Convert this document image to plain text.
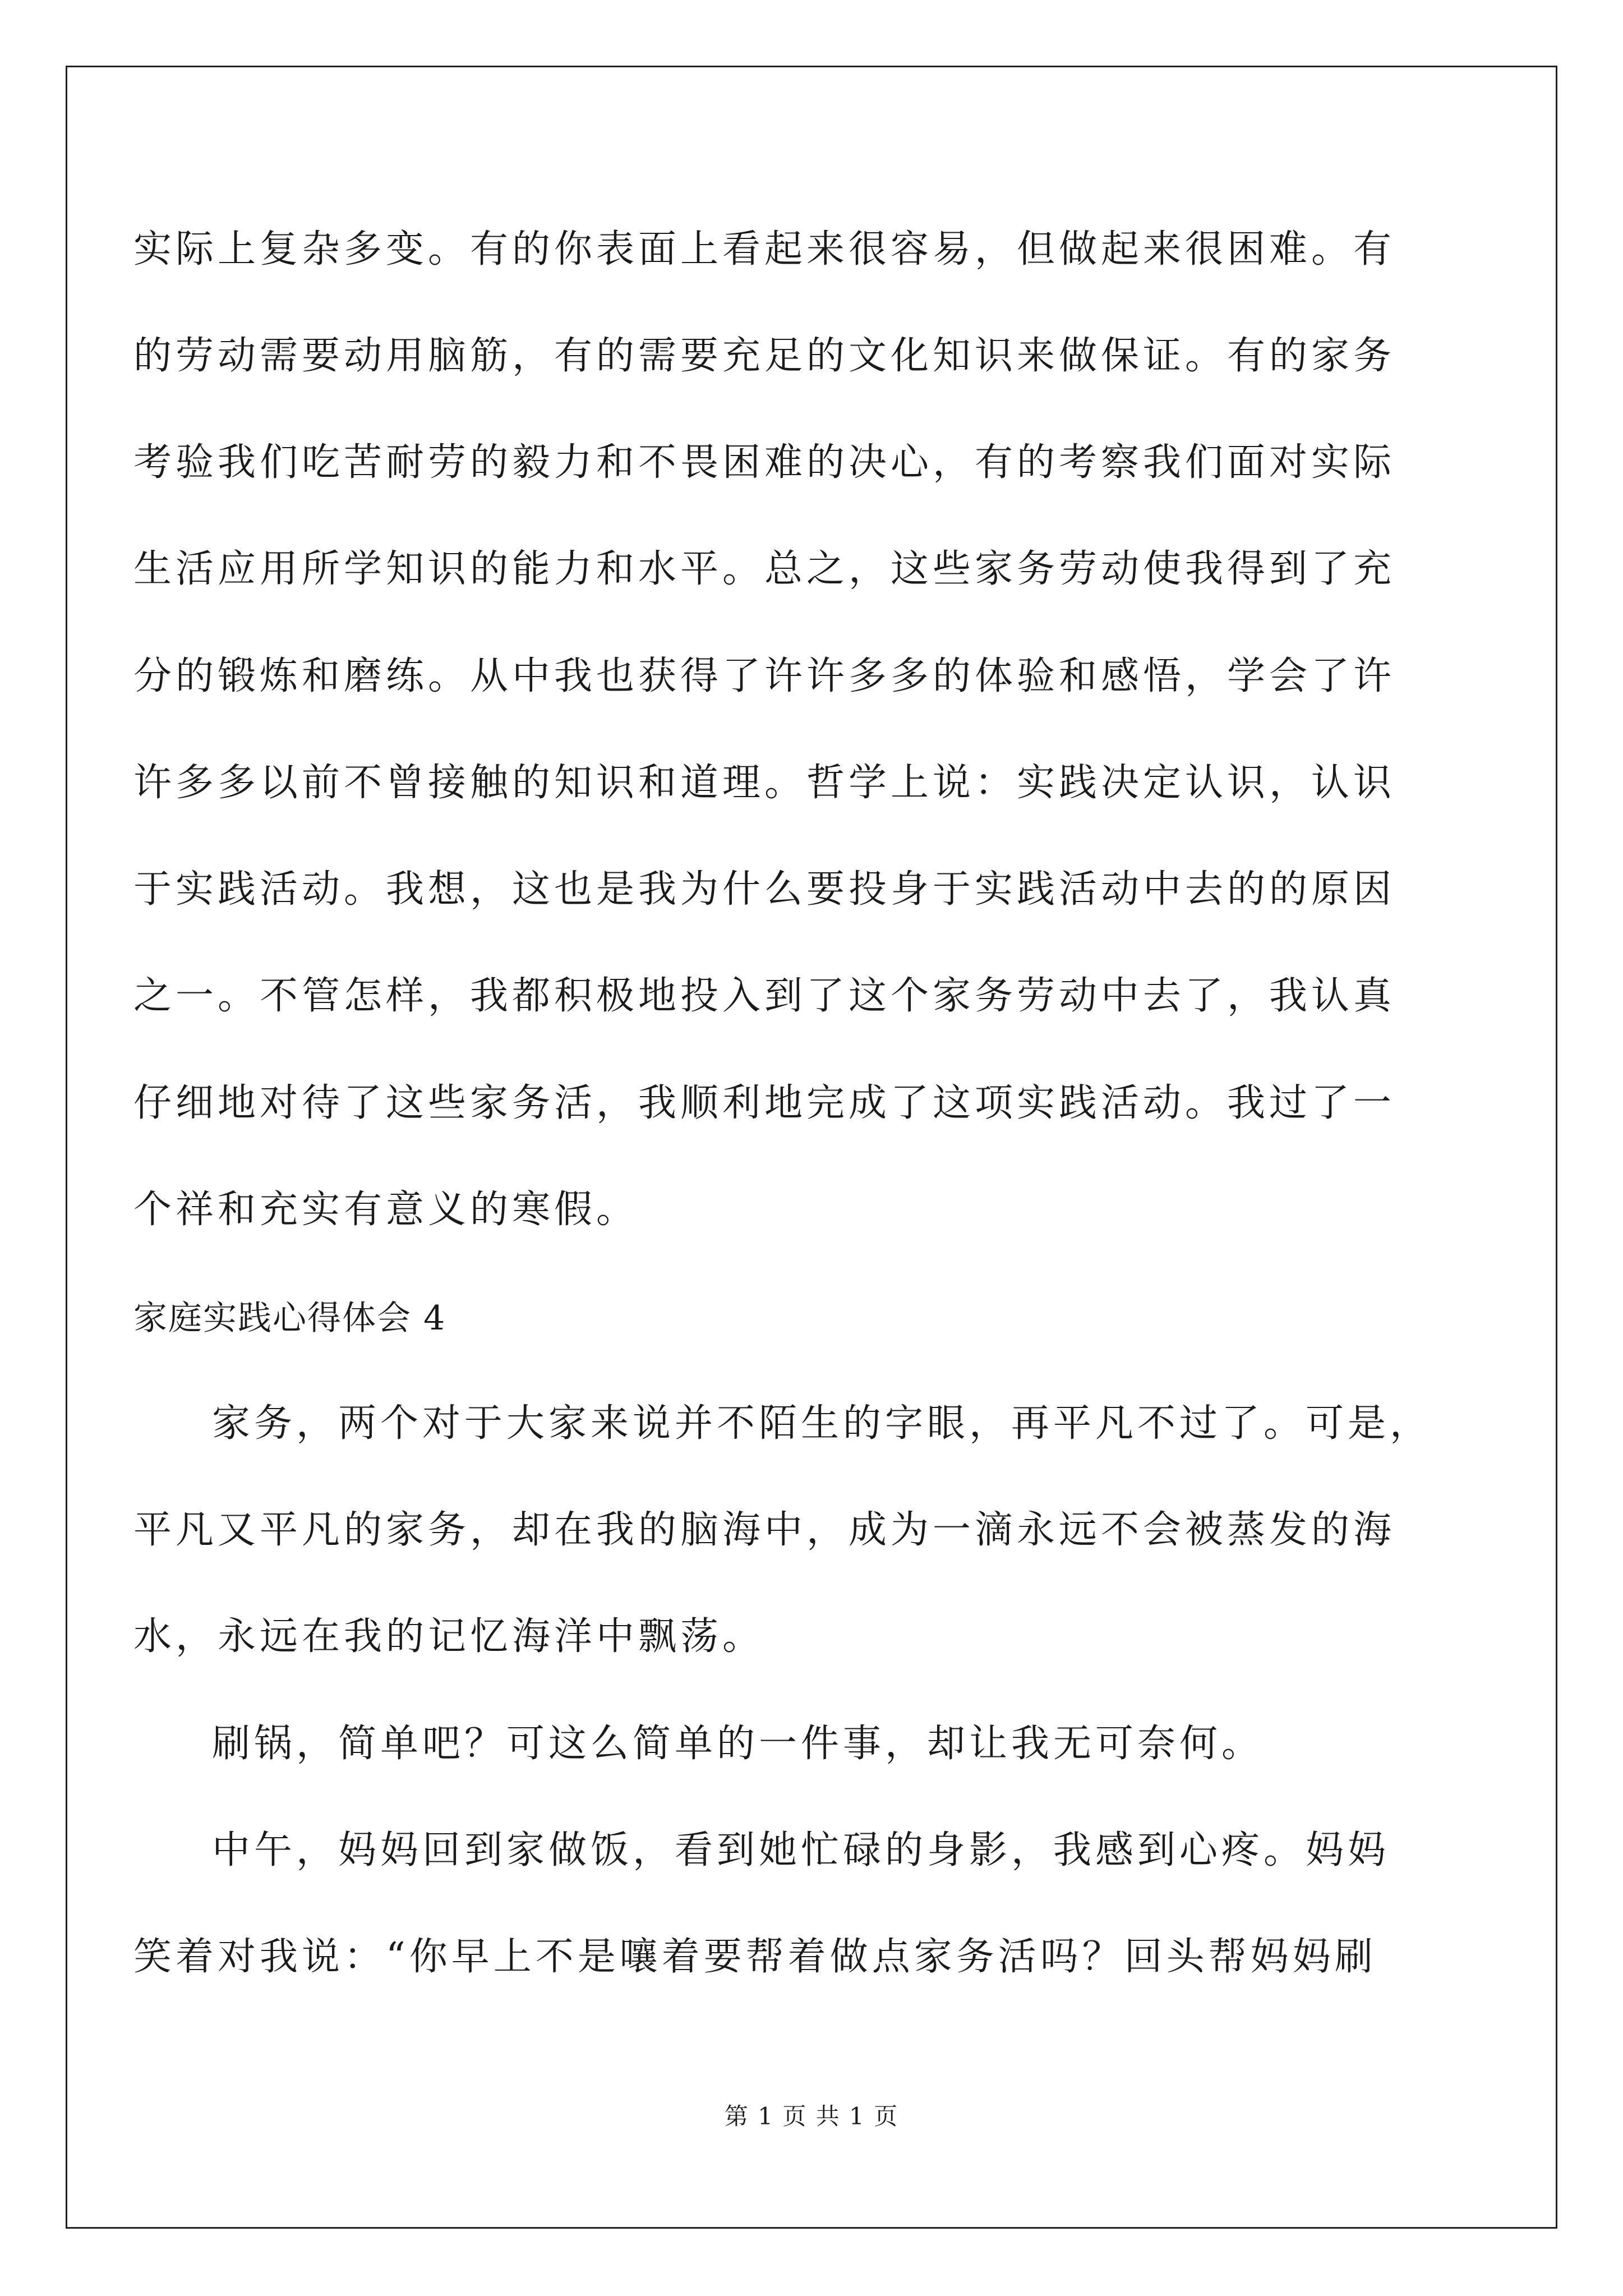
实际上复杂多变。有的你表面上看起来很容易，但做起来很困难。有
的劳动需要动用脑筋，有的需要充足的文化知识来做保证。有的家务
考验我们吃苦耐劳的毅力和不畏困难的决心，有的考察我们面对实际
生活应用所学知识的能力和水平。总之，这些家务劳动使我得到了充
分的锻炼和磨练。从中我也获得了许许多多的体验和感悟，学会了许
许多多以前不曾接触的知识和道理。哲学上说：实践决定认识，认识
于实践活动。我想，这也是我为什么要投身于实践活动中去的的原因
之一。不管怎样，我都积极地投入到了这个家务劳动中去了，我认真
仔细地对待了这些家务活，我顺利地完成了这项实践活动。我过了一
个祥和充实有意义的寒假。
家庭实践心得体会 4
家务，两个对于大家来说并不陌生的字眼，再平凡不过了。可是，
平凡又平凡的家务，却在我的脑海中，成为一滴永远不会被蒸发的海
水，永远在我的记忆海洋中飘荡。
刷锅，简单吧？可这么简单的一件事，却让我无可奈何。
中午，妈妈回到家做饭，看到她忙碌的身影，我感到心疼。妈妈
笑着对我说：“你早上不是嚷着要帮着做点家务活吗？回头帮妈妈刷
第 1 页 共 1 页
